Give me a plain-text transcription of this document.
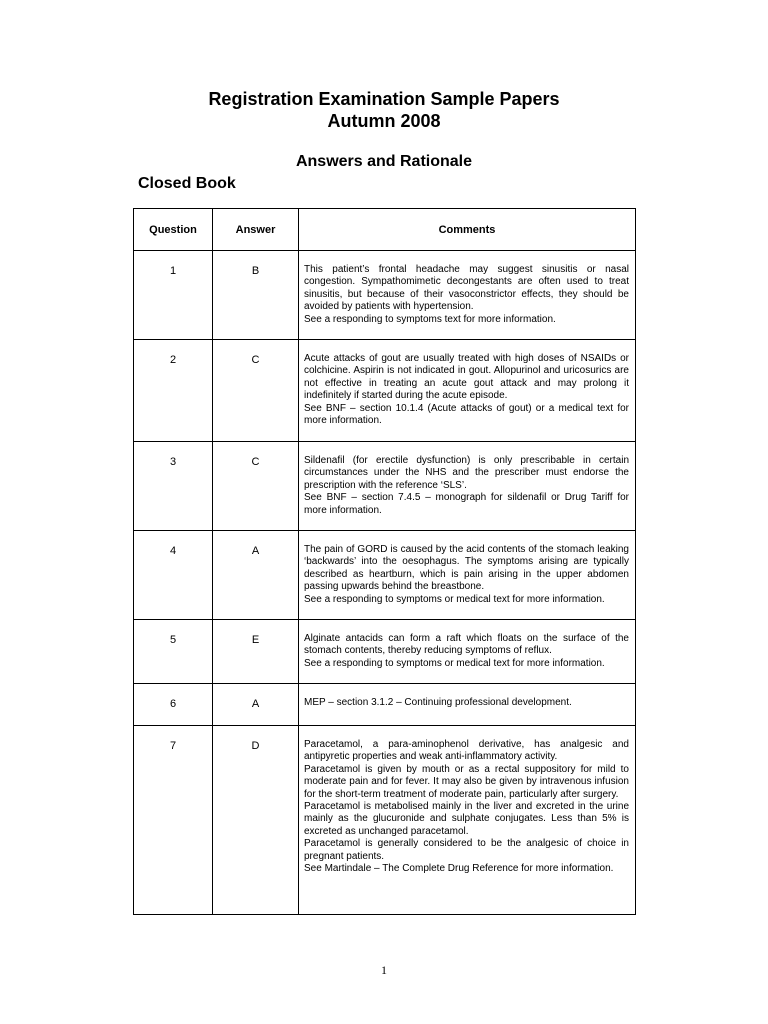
Registration Examination Sample Papers
Autumn 2008
Answers and Rationale
Closed Book
Question	Answer	Comments
1	B	This patient’s frontal headache may suggest sinusitis or nasal congestion. Sympathomimetic decongestants are often used to treat sinusitis, but because of their vasoconstrictor effects, they should be avoided by patients with hypertension.

See a responding to symptoms text for more information.

2	C	Acute attacks of gout are usually treated with high doses of NSAIDs or colchicine. Aspirin is not indicated in gout. Allopurinol and uricosurics are not effective in treating an acute gout attack and may prolong it indefinitely if started during the acute episode.

See BNF – section 10.1.4 (Acute attacks of gout) or a medical text for more information.

3	C	Sildenafil (for erectile dysfunction) is only prescribable in certain circumstances under the NHS and the prescriber must endorse the prescription with the reference ‘SLS’.

See BNF – section 7.4.5 – monograph for sildenafil or Drug Tariff for more information.

4	A	The pain of GORD is caused by the acid contents of the stomach leaking ‘backwards’ into the oesophagus. The symptoms arising are typically described as heartburn, which is pain arising in the upper abdomen passing upwards behind the breastbone.

See a responding to symptoms or medical text for more information.

5	E	Alginate antacids can form a raft which floats on the surface of the stomach contents, thereby reducing symptoms of reflux.

See a responding to symptoms or medical text for more information.

6	A	MEP – section 3.1.2 – Continuing professional development.

7	D	Paracetamol, a para-aminophenol derivative, has analgesic and antipyretic properties and weak anti-inflammatory activity.

Paracetamol is given by mouth or as a rectal suppository for mild to moderate pain and for fever. It may also be given by intravenous infusion for the short-term treatment of moderate pain, particularly after surgery.

Paracetamol is metabolised mainly in the liver and excreted in the urine mainly as the glucuronide and sulphate conjugates. Less than 5% is excreted as unchanged paracetamol.

Paracetamol is generally considered to be the analgesic of choice in pregnant patients.

See Martindale – The Complete Drug Reference for more information.

1
